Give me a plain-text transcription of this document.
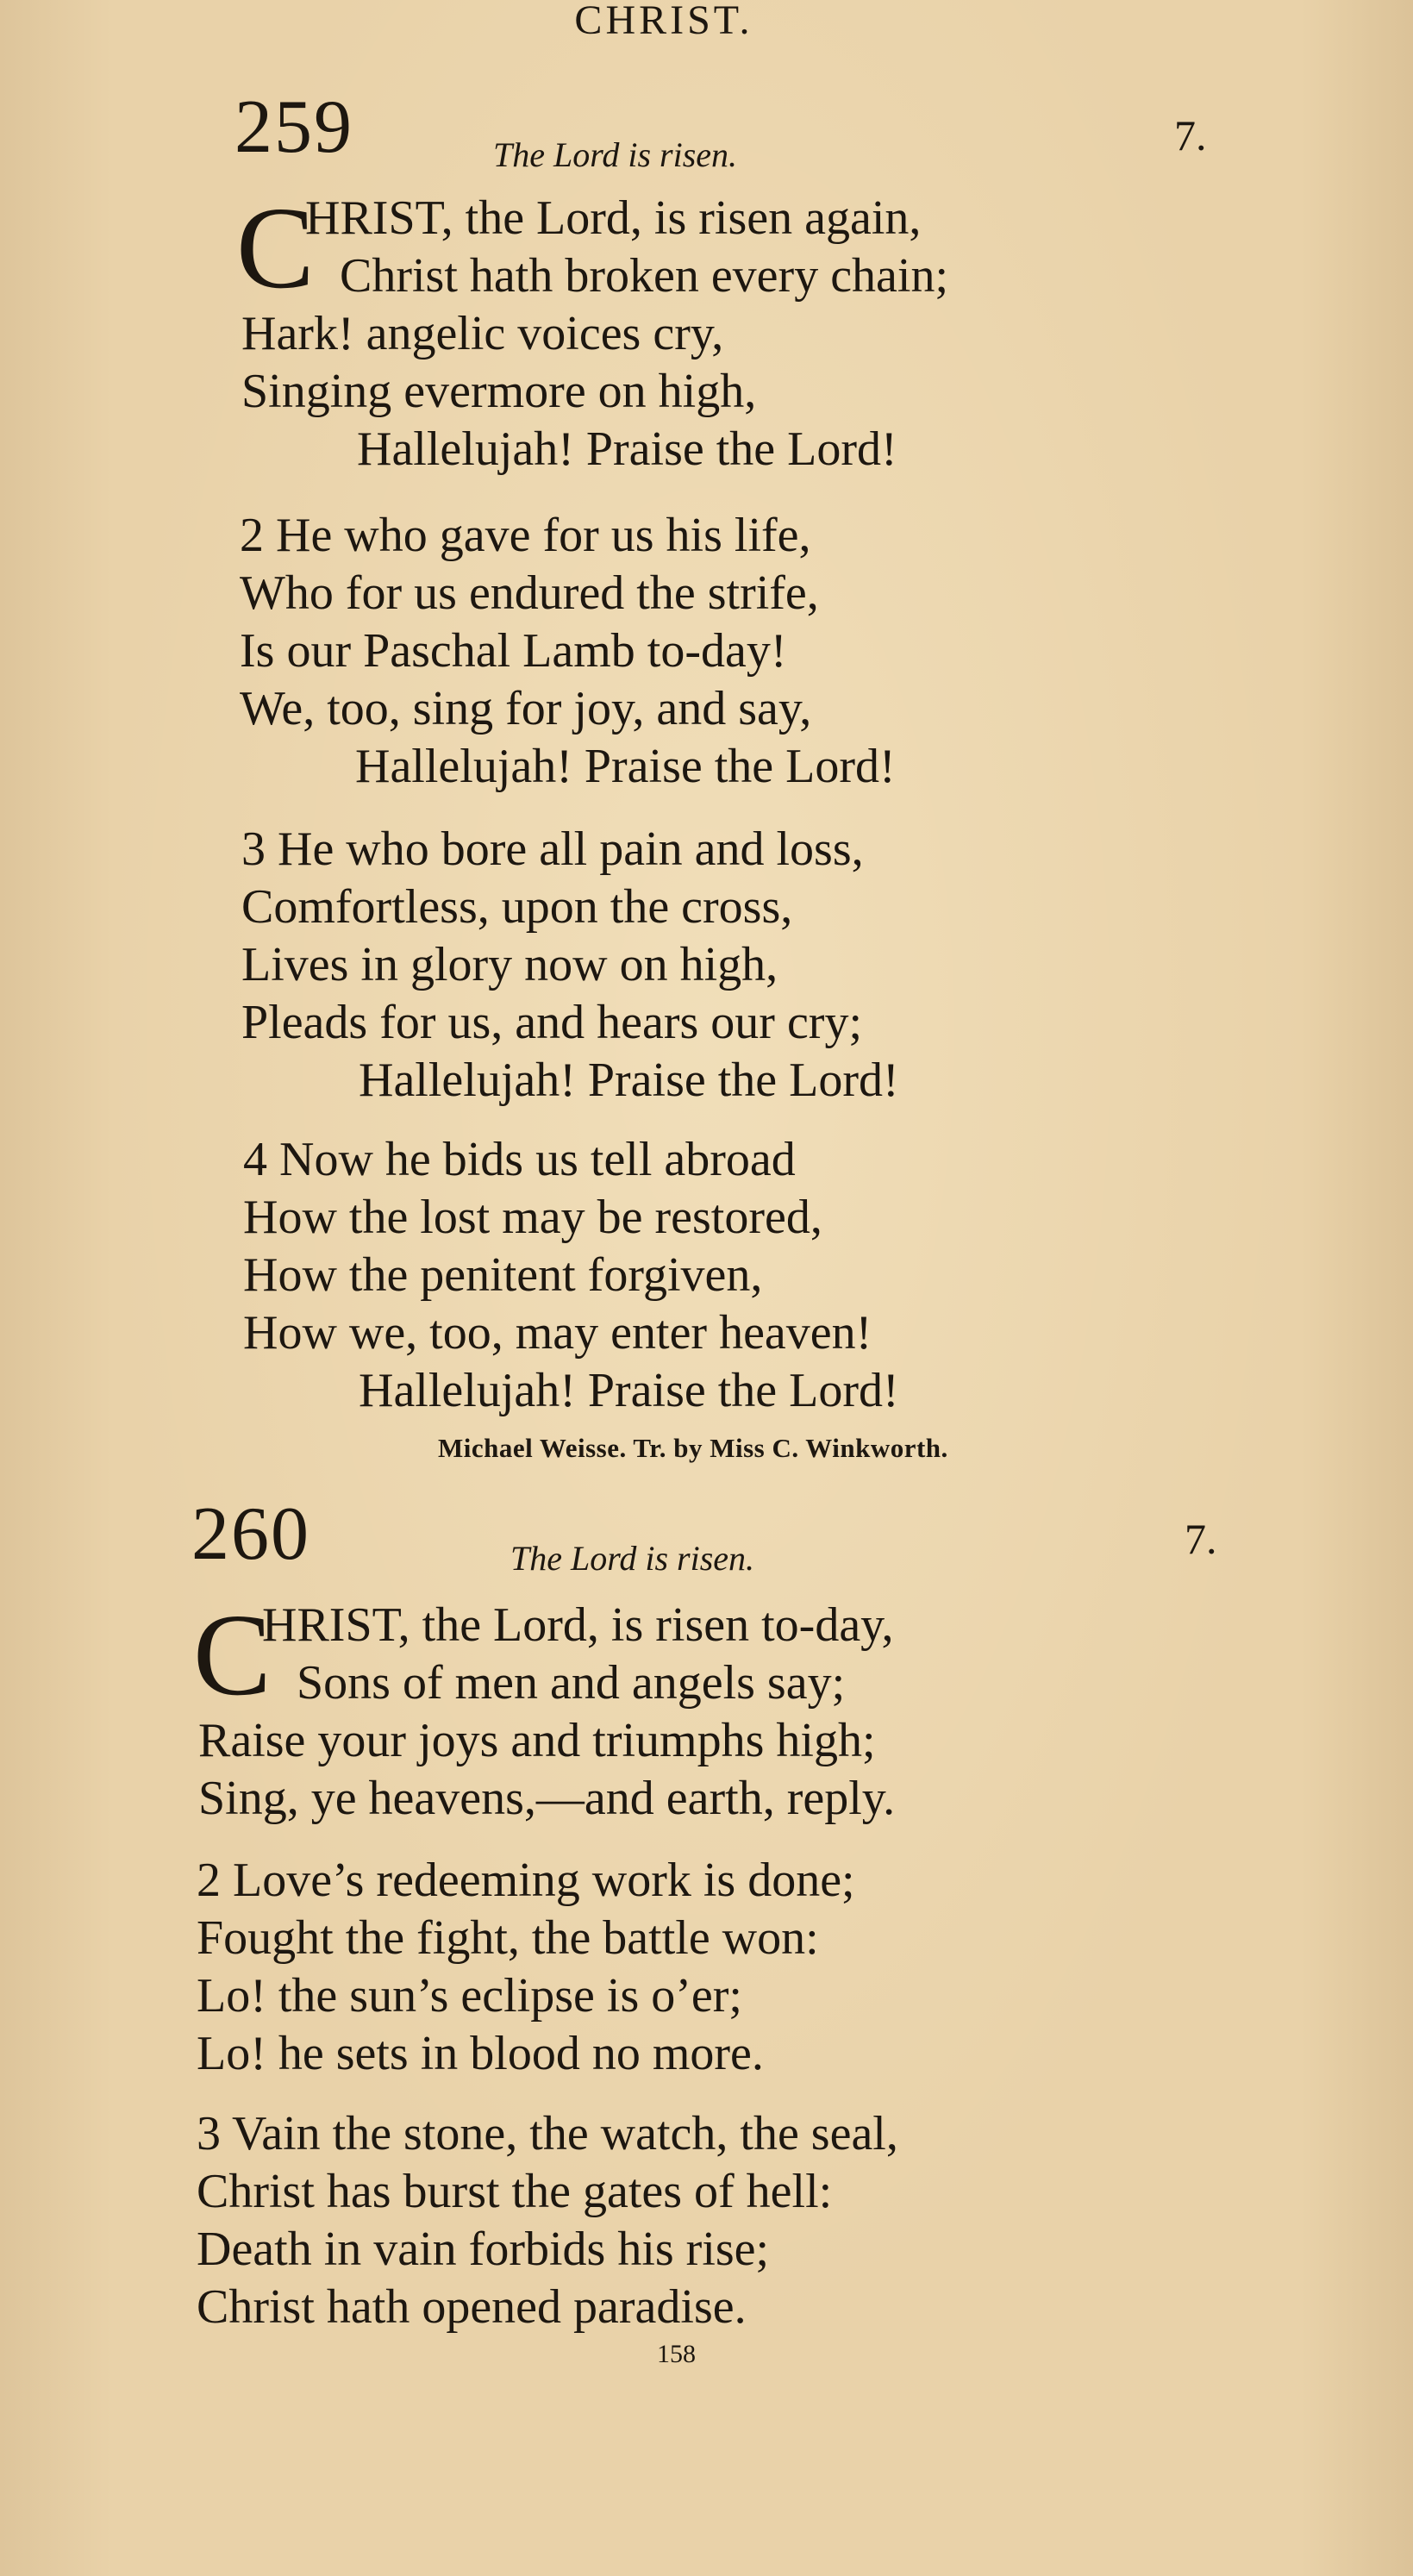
CHRIST.
259	The Lord is risen.	7.
C
HRIST, the Lord, is risen again,
Christ hath broken every chain;
Hark! angelic voices cry,
Singing evermore on high,
Hallelujah! Praise the Lord!
2 He who gave for us his life,
Who for us endured the strife,
Is our Paschal Lamb to-day!
We, too, sing for joy, and say,
Hallelujah! Praise the Lord!
3 He who bore all pain and loss,
Comfortless, upon the cross,
Lives in glory now on high,
Pleads for us, and hears our cry;
Hallelujah! Praise the Lord!
4 Now he bids us tell abroad
How the lost may be restored,
How the penitent forgiven,
How we, too, may enter heaven!
Hallelujah! Praise the Lord!
Michael Weisse. Tr. by Miss C. Winkworth.
260	The Lord is risen.	7.
C
HRIST, the Lord, is risen to-day,
Sons of men and angels say;
Raise your joys and triumphs high;
Sing, ye heavens,—and earth, reply.
2 Love’s redeeming work is done;
Fought the fight, the battle won:
Lo! the sun’s eclipse is o’er;
Lo! he sets in blood no more.
3 Vain the stone, the watch, the seal,
Christ has burst the gates of hell:
Death in vain forbids his rise;
Christ hath opened paradise.
158
